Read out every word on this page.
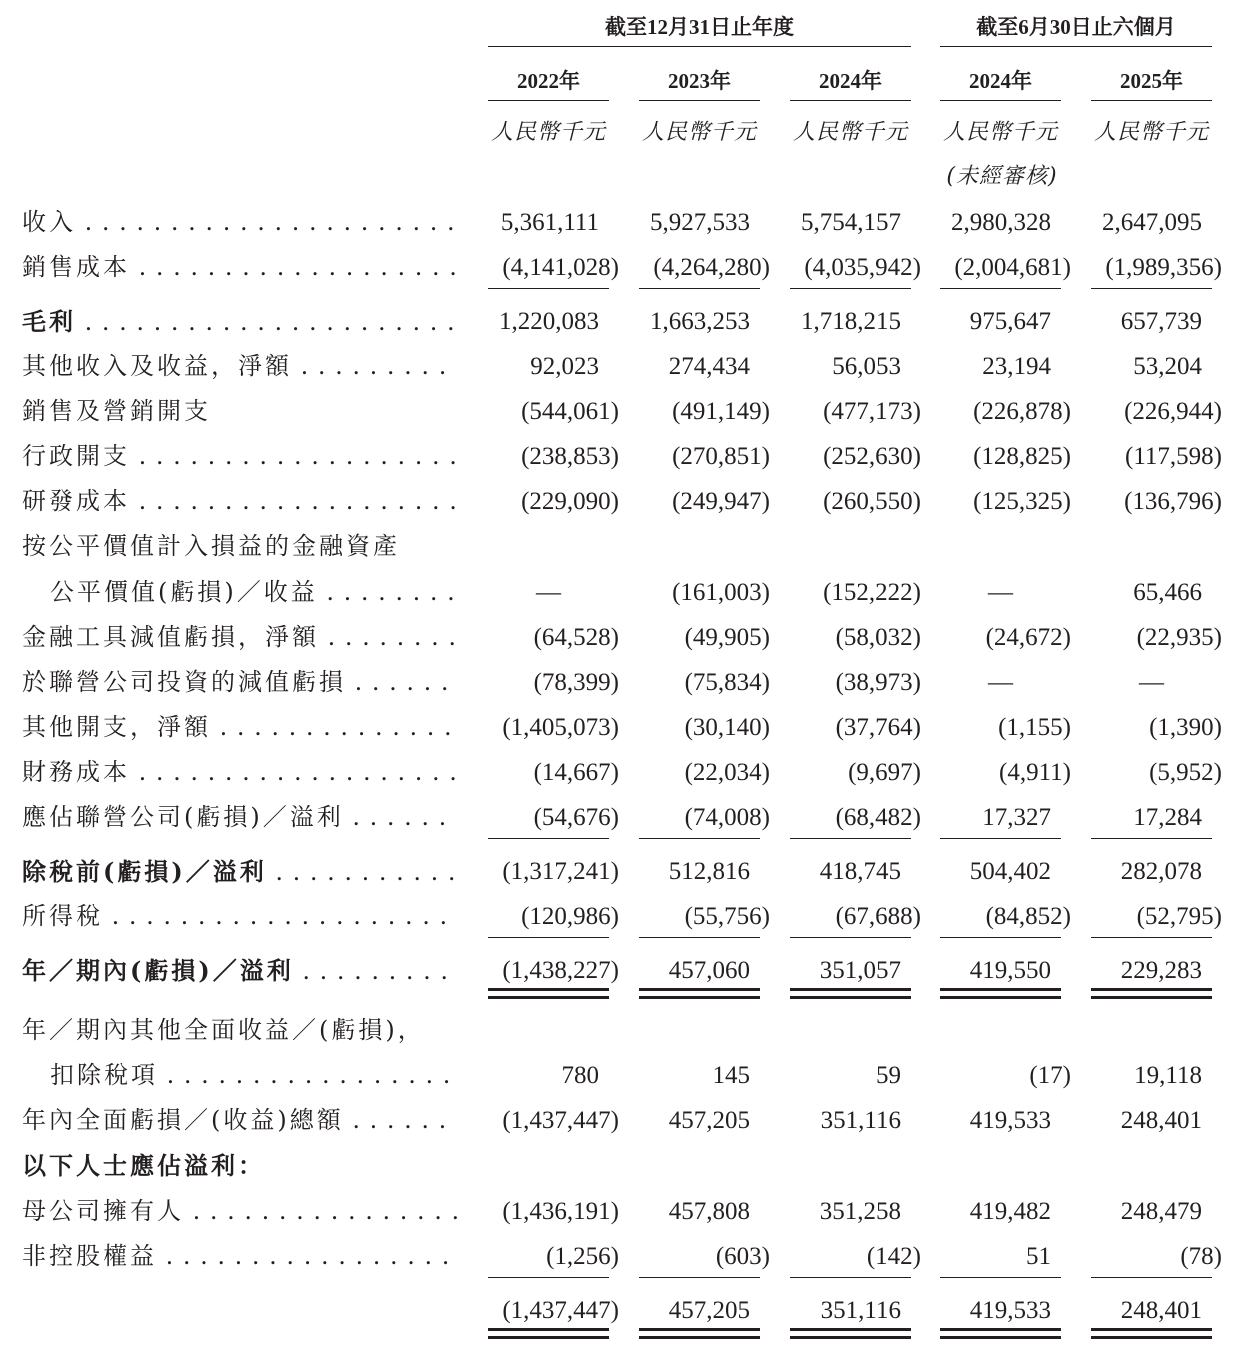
截至12月31日止年度	截至6月30日止六個月
2022年	2023年	2024年	2024年	2025年
人民幣千元 人民幣千元 人民幣千元 人民幣千元 人民幣千元
(未經審核)
收入 . . .	5,361,111	5,927,533	5,754,157	2,980,328	2,647,095
銷售成本 . . .	(4,141,028)	(4,264,280)	(4,035,942)	(2,004,681)	(1,989,356)
毛利 . . .	1,220,083	1,663,253	1,718,215	975,647	657,739
其他收入及收益，淨額 . . .	92,023	274,434	56,053	23,194	53,204
銷售及營銷開支	(544,061)	(491,149)	(477,173)	(226,878)	(226,944)
行政開支 . . .	(238,853)	(270,851)	(252,630)	(128,825)	(117,598)
研發成本 . . .	(229,090)	(249,947)	(260,550)	(125,325)	(136,796)
按公平價值計入損益的金融資產
公平價值(虧損)／收益 . . .	—	(161,003)	(152,222)	—	65,466
金融工具減值虧損，淨額 . . .	(64,528)	(49,905)	(58,032)	(24,672)	(22,935)
於聯營公司投資的減值虧損 . . .	(78,399)	(75,834)	(38,973)	—	—
其他開支，淨額 . . .	(1,405,073)	(30,140)	(37,764)	(1,155)	(1,390)
財務成本 . . .	(14,667)	(22,034)	(9,697)	(4,911)	(5,952)
應佔聯營公司(虧損)／溢利 . . .	(54,676)	(74,008)	(68,482)	17,327	17,284
除稅前(虧損)／溢利 . . .	(1,317,241)	512,816	418,745	504,402	282,078
所得稅 . . .	(120,986)	(55,756)	(67,688)	(84,852)	(52,795)
年／期內(虧損)／溢利 . . .	(1,438,227)	457,060	351,057	419,550	229,283
年／期內其他全面收益／(虧損)，
扣除稅項 . . .	780	145	59	(17)	19,118
年內全面虧損／(收益)總額 . . .	(1,437,447)	457,205	351,116	419,533	248,401
以下人士應佔溢利：
母公司擁有人 . . .	(1,436,191)	457,808	351,258	419,482	248,479
非控股權益 . . .	(1,256)	(603)	(142)	51	(78)
(1,437,447)	457,205	351,116	419,533	248,401
